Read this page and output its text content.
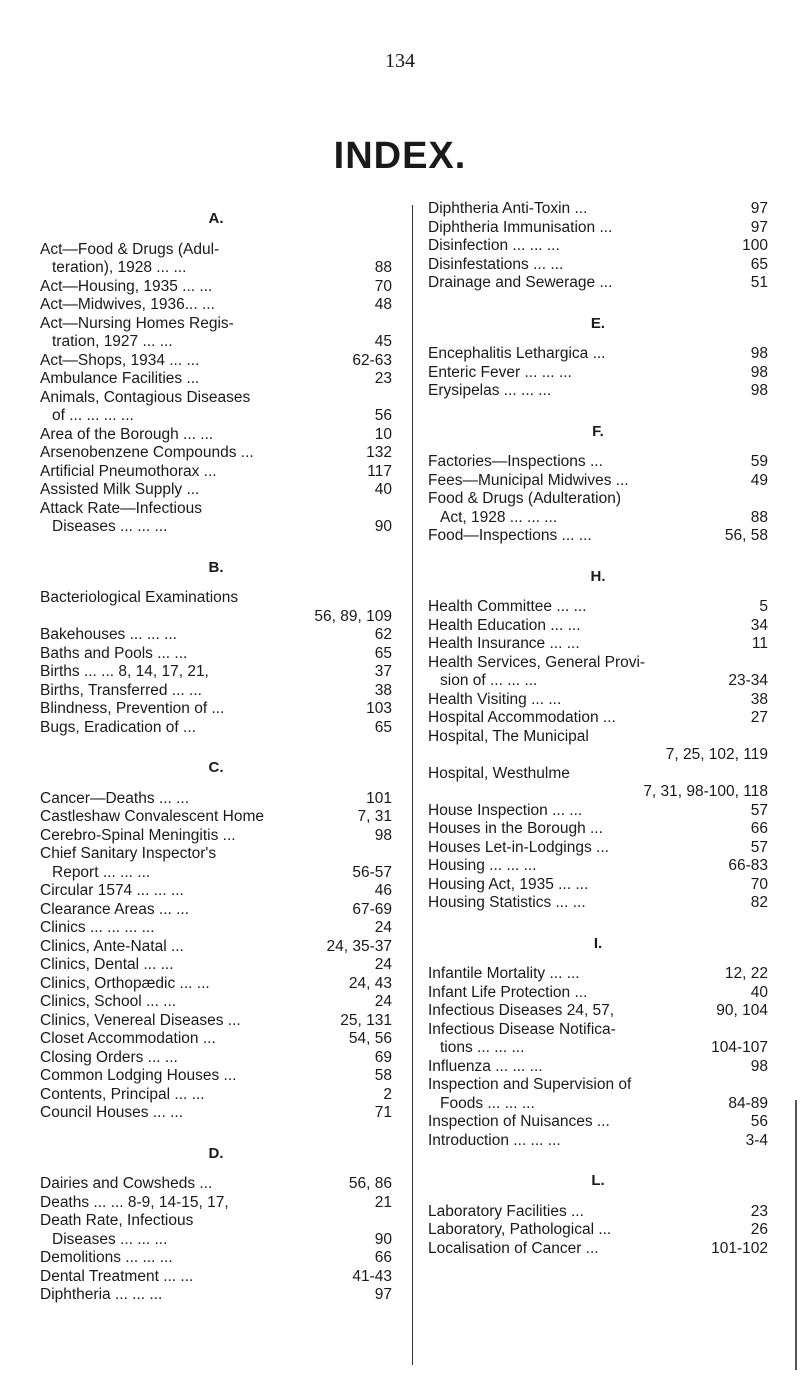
134
INDEX.
A.
Act—Food & Drugs (Adul-
teration), 1928 ... ...	88
Act—Housing, 1935 ... ...	70
Act—Midwives, 1936... ...	48
Act—Nursing Homes Regis-
tration, 1927 ... ...	45
Act—Shops, 1934 ... ...	62-63
Ambulance Facilities ...	23
Animals, Contagious Diseases
of ... ... ... ...	56
Area of the Borough ... ...	10
Arsenobenzene Compounds ...	132
Artificial Pneumothorax ...	117
Assisted Milk Supply ...	40
Attack Rate—Infectious
Diseases ... ... ...	90
B.
Bacteriological Examinations
56, 89, 109
Bakehouses ... ... ...	62
Baths and Pools ... ...	65
Births ... ... 8, 14, 17, 21,	37
Births, Transferred ... ...	38
Blindness, Prevention of ...	103
Bugs, Eradication of ...	65
C.
Cancer—Deaths ... ...	101
Castleshaw Convalescent Home	7, 31
Cerebro-Spinal Meningitis ...	98
Chief Sanitary Inspector's
Report ... ... ...	56-57
Circular 1574 ... ... ...	46
Clearance Areas ... ...	67-69
Clinics ... ... ... ...	24
Clinics, Ante-Natal ...	24, 35-37
Clinics, Dental ... ...	24
Clinics, Orthopædic ... ...	24, 43
Clinics, School ... ...	24
Clinics, Venereal Diseases ...	25, 131
Closet Accommodation ...	54, 56
Closing Orders ... ...	69
Common Lodging Houses ...	58
Contents, Principal ... ...	2
Council Houses ... ...	71
D.
Dairies and Cowsheds ...	56, 86
Deaths ... ... 8-9, 14-15, 17,	21
Death Rate, Infectious
Diseases ... ... ...	90
Demolitions ... ... ...	66
Dental Treatment ... ...	41-43
Diphtheria ... ... ...	97
Diphtheria Anti-Toxin ...	97
Diphtheria Immunisation ...	97
Disinfection ... ... ...	100
Disinfestations ... ...	65
Drainage and Sewerage ...	51
E.
Encephalitis Lethargica ...	98
Enteric Fever ... ... ...	98
Erysipelas ... ... ...	98
F.
Factories—Inspections ...	59
Fees—Municipal Midwives ...	49
Food & Drugs (Adulteration)
Act, 1928 ... ... ...	88
Food—Inspections ... ...	56, 58
H.
Health Committee ... ...	5
Health Education ... ...	34
Health Insurance ... ...	11
Health Services, General Provi-
sion of ... ... ...	23-34
Health Visiting ... ...	38
Hospital Accommodation ...	27
Hospital, The Municipal
7, 25, 102, 119
Hospital, Westhulme
7, 31, 98-100, 118
House Inspection ... ...	57
Houses in the Borough ...	66
Houses Let-in-Lodgings ...	57
Housing ... ... ...	66-83
Housing Act, 1935 ... ...	70
Housing Statistics ... ...	82
I.
Infantile Mortality ... ...	12, 22
Infant Life Protection ...	40
Infectious Diseases 24, 57,	90, 104
Infectious Disease Notifica-
tions ... ... ...	104-107
Influenza ... ... ...	98
Inspection and Supervision of
Foods ... ... ...	84-89
Inspection of Nuisances ...	56
Introduction ... ... ...	3-4
L.
Laboratory Facilities ...	23
Laboratory, Pathological ...	26
Localisation of Cancer ...	101-102
